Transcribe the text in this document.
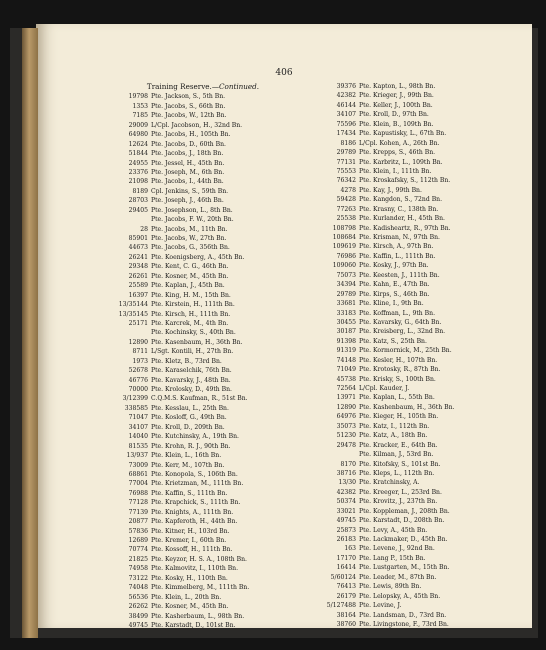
406
Training Reserve.—Continued.
19798 Pte. Jackson, S., 5th Bn.
1353 Pte. Jacobs, S., 66th Bn.
7185 Pte. Jacobs, W., 12th Bn.
29009 L/Cpl. Jacobson, H., 32nd Bn.
64980 Pte. Jacobs, H., 105th Bn.
12624 Pte. Jacobs, D., 60th Bn.
51844 Pte. Jacobs, J., 18th Bn.
24955 Pte. Jessel, H., 45th Bn.
23376 Pte. Joseph, M., 6th Bn.
21098 Pte. Jacobs, I., 44th Bn.
8189 Cpl. Jenkins, S., 59th Bn.
28703 Pte. Joseph, J., 46th Bn.
29405 Pte. Josephson, L., 8th Bn.
Pte. Jacobs, F. W., 20th Bn.
28 Pte. Jacobs, M., 11th Bn.
85901 Pte. Jacobs, W., 27th Bn.
44673 Pte. Jacobs, G., 356th Bn.
26241 Pte. Koenigsberg, A., 45th Bn.
29348 Pte. Kent, C. G., 46th Bn.
26261 Pte. Kosner, M., 45th Bn.
25589 Pte. Kaplan, J., 45th Bn.
16397 Pte. King, H. M., 15th Bn.
13/35144 Pte. Kirstein, H., 111th Bn.
13/35145 Pte. Kirsch, H., 111th Bn.
25171 Pte. Karcrek, M., 4th Bn.
Pte. Kochinsky, S., 40th Bn.
12890 Pte. Kasenbaum, H., 36th Bn.
8711 L/Sgt. Kontili, H., 27th Bn.
1973 Pte. Kletz, B., 73rd Bn.
52678 Pte. Karaselchik, 76th Bn.
46776 Pte. Kavarsky, J., 48th Bn.
70000 Pte. Krolosky, D., 49th Bn.
3/12399 C.Q.M.S. Kaufman, R., 51st Bn.
338585 Pte. Kesslau, L., 25th Bn.
71047 Pte. Kosloff, G., 49th Bn.
34107 Pte. Kroll, D., 209th Bn.
14040 Pte. Kutchinsky, A., 19th Bn.
81535 Pte. Krohn, R. J., 90th Bn.
13/937 Pte. Klein, L., 16th Bn.
73009 Pte. Kerr, M., 107th Bn.
68861 Pte. Konopola, S., 106th Bn.
77004 Pte. Krietzman, M., 111th Bn.
76988 Pte. Kaffin, S., 111th Bn.
77128 Pte. Krapchick, S., 111th Bn.
77139 Pte. Knights, A., 111th Bn.
20877 Pte. Kapferoth, H., 44th Bn.
57836 Pte. Kitner, H., 103rd Bn.
12689 Pte. Kremer, I., 60th Bn.
70774 Pte. Kossoff, H., 111th Bn.
21825 Pte. Keyzor, H. S. A., 108th Bn.
74958 Pte. Kalmovitz, I., 110th Bn.
73122 Pte. Kosky, H., 110th Bn.
74048 Pte. Kimmelberg, M., 111th Bn.
56536 Pte. Klein, L., 20th Bn.
26262 Pte. Kosner, M., 45th Bn.
38499 Pte. Kasherbaum, L., 98th Bn.
49745 Pte. Karstadt, D., 101st Bn.
39376 Pte. Kapton, L., 98th Bn.
42382 Pte. Krieger, J., 99th Bn.
46144 Pte. Keller, J., 100th Bn.
34107 Pte. Kroll, D., 97th Bn.
75596 Pte. Klein, B., 109th Bn.
17434 Pte. Kapustisky, L., 67th Bn.
8186 L/Cpl. Kohen, A., 26th Bn.
29789 Pte. Krepps, S., 46th Bn.
77131 Pte. Karbritz, L., 109th Bn.
75553 Pte. Klein, I., 111th Bn.
76342 Pte. Kroskafsky, S., 112th Bn.
4278 Pte. Kay, J., 99th Bn.
59428 Pte. Kangdon, S., 72nd Bn.
77263 Pte. Krasny, C., 138th Bn.
25538 Pte. Kurlander, H., 45th Bn.
108798 Pte. Kadisheartz, R., 97th Bn.
108684 Pte. Krisman, N., 97th Bn.
109619 Pte. Kirsch, A., 97th Bn.
76986 Pte. Kaffin, L., 111th Bn.
109060 Pte. Kosky, J., 97th Bn.
75073 Pte. Keesten, J., 111th Bn.
34394 Pte. Kahn, E., 47th Bn.
29789 Pte. Kirps, S., 46th Bn.
33681 Pte. Kline, I., 9th Bn.
33183 Pte. Koffman, L., 9th Bn.
30455 Pte. Kavarsky, G., 64th Bn.
30187 Pte. Kreisberg, L., 32nd Bn.
91398 Pte. Katz, S., 25th Bn.
91319 Pte. Kormornick, M., 25th Bn.
74148 Pte. Kesler, H., 107th Bn.
71049 Pte. Krotosky, R., 87th Bn.
45738 Pte. Krisky, S., 100th Bn.
72564 L/Cpl. Kauder, J.
13971 Pte. Kaplan, L., 55th Bn.
12890 Pte. Kashenbaum, H., 36th Bn.
64976 Pte. Kieger, H., 105th Bn.
35073 Pte. Katz, I., 112th Bn.
51230 Pte. Katz, A., 18th Bn.
29478 Pte. Kracker, E., 64th Bn.
Pte. Kilman, J., 53rd Bn.
8170 Pte. Kitofsky, S., 101st Bn.
38716 Pte. Kleps, L., 112th Bn.
13/30 Pte. Kratchinsky, A.
42382 Pte. Kreeger, L., 253rd Bn.
50374 Pte. Krovitz, J., 237th Bn.
33021 Pte. Koppleman, J., 208th Bn.
49745 Pte. Karstadt, D., 208th Bn.
25873 Pte. Levy, A., 45th Bn.
26183 Pte. Lackmaker, D., 45th Bn.
163 Pte. Levene, J., 92nd Bn.
17170 Pte. Lang P., 15th Bn.
16414 Pte. Lustgarten, M., 15th Bn.
5/60124 Pte. Leader, M., 87th Bn.
76413 Pte. Lewis, 89th Bn.
26179 Pte. Lelopsky, A., 45th Bn.
5/127488 Pte. Levine, J.
38164 Pte. Landsman, D., 73rd Bn.
38760 Pte. Livingstone, F., 73rd Bn.
